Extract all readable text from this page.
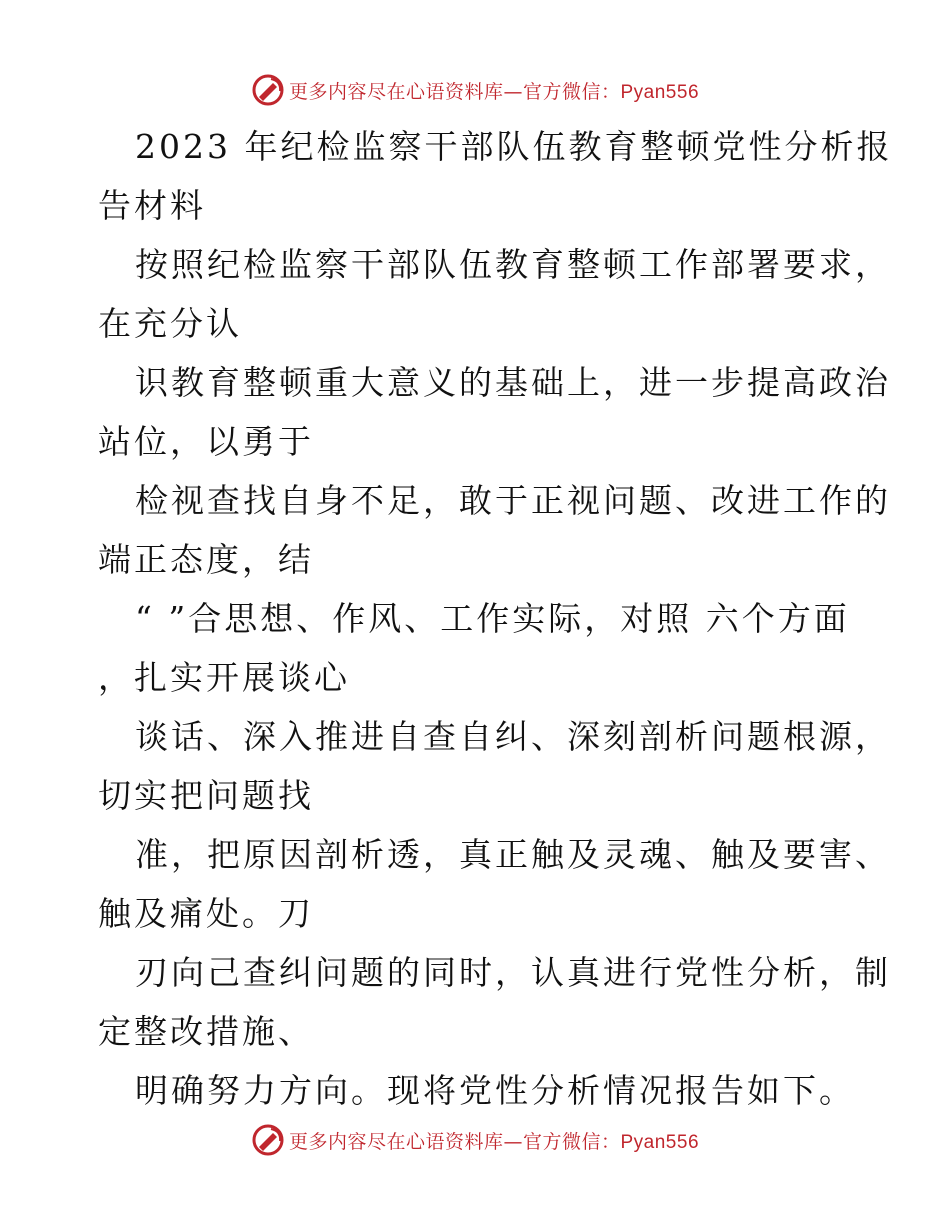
更多内容尽在心语资料库—官方微信：Pyan556
2023 年纪检监察干部队伍教育整顿党性分析报
告材料
按照纪检监察干部队伍教育整顿工作部署要求，
在充分认
识教育整顿重大意义的基础上，进一步提高政治
站位，以勇于
检视查找自身不足，敢于正视问题、改进工作的
端正态度，结
“ ”合思想、作风、工作实际，对照 六个方面
，扎实开展谈心
谈话、深入推进自查自纠、深刻剖析问题根源，
切实把问题找
准，把原因剖析透，真正触及灵魂、触及要害、
触及痛处。刀
刃向己查纠问题的同时，认真进行党性分析，制
定整改措施、
明确努力方向。现将党性分析情况报告如下。
更多内容尽在心语资料库—官方微信：Pyan556
